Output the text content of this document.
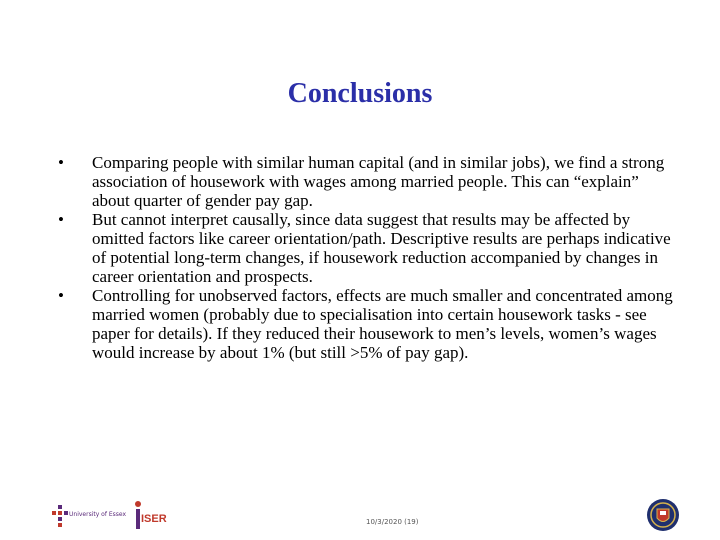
Conclusions
• Comparing people with similar human capital (and in similar jobs), we find a strong association of housework with wages among married people. This can “explain” about quarter of gender pay gap.
• But cannot interpret causally, since data suggest that results may be affected by omitted factors like career orientation/path. Descriptive results are perhaps indicative of potential long-term changes, if housework reduction accompanied by changes in career orientation and prospects.
• Controlling for unobserved factors, effects are much smaller and concentrated among married women (probably due to specialisation into certain housework tasks - see paper for details). If they reduced their housework to men’s levels, women’s wages would increase by about 1% (but still >5% of pay gap).
University of Essex ISER	10/3/2020 (19)
